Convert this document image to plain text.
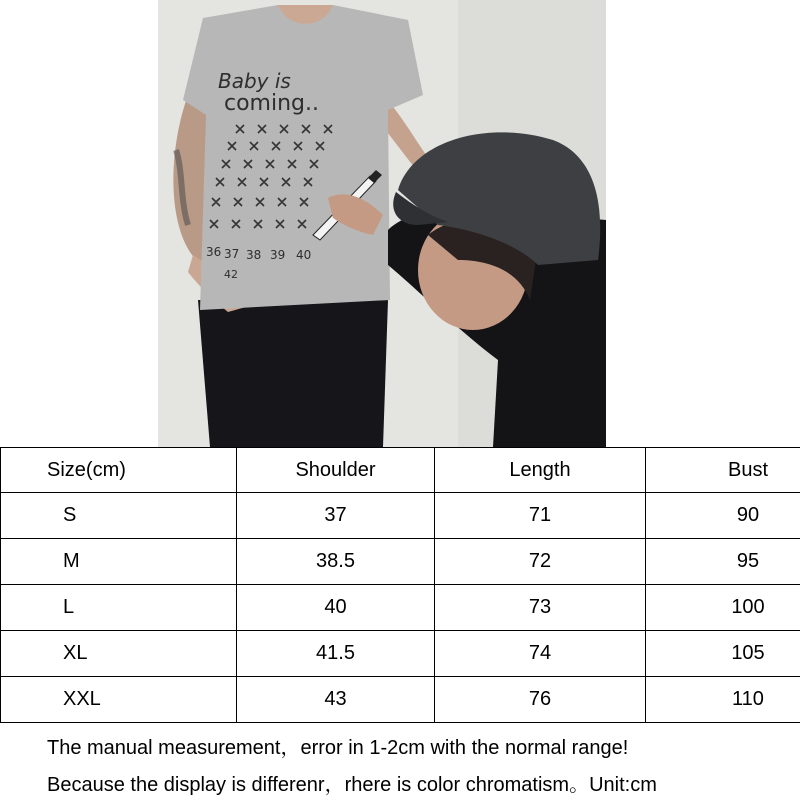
Baby is
coming..
36 37 38 39 40
42
Size(cm)	Shoulder	Length	Bust
S	37	71	90
M	38.5	72	95
L	40	73	100
XL	41.5	74	105
XXL	43	76	110
The manual measurement，error in 1-2cm with the normal range!
Because the display is differenr，rhere is color chromatism。Unit:cm
